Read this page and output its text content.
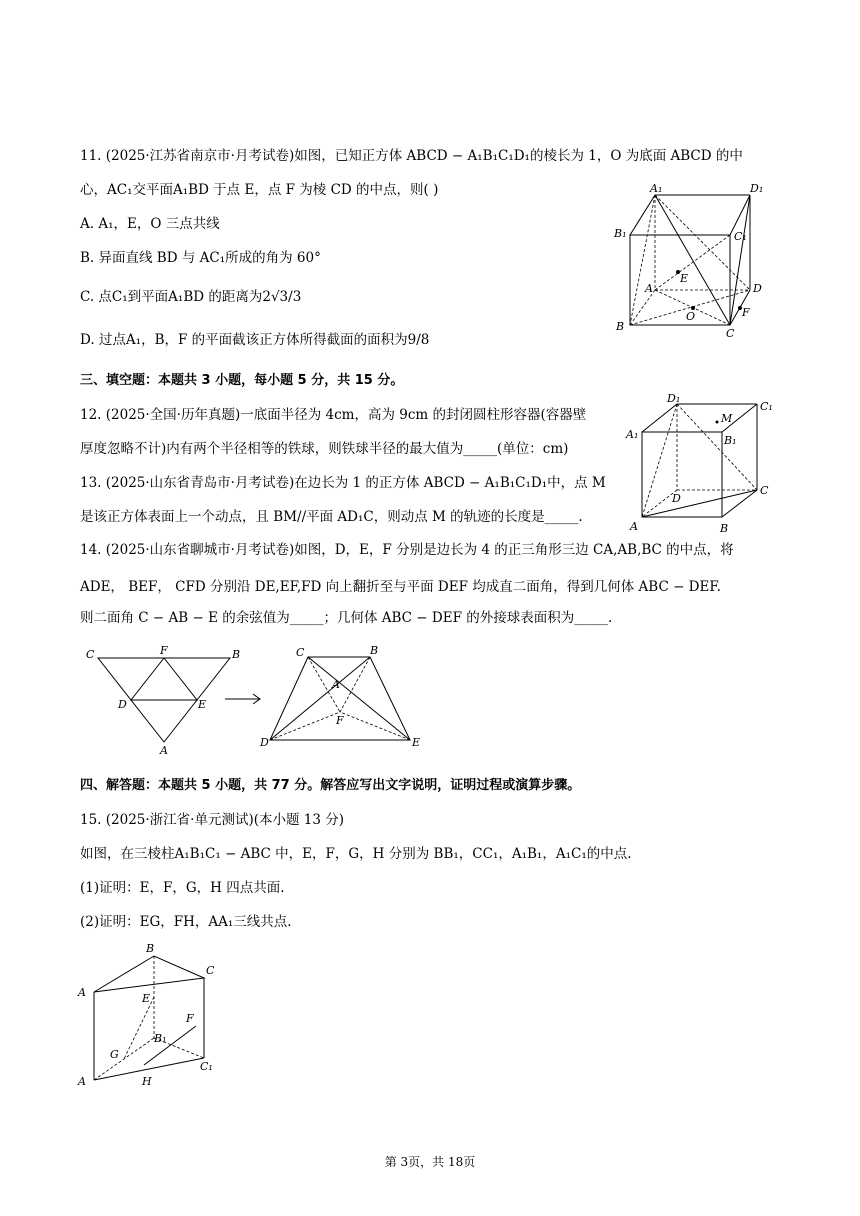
11. (2025·江苏省南京市·月考试卷)如图，已知正方体 ABCD − A₁B₁C₁D₁的棱长为 1，O 为底面 ABCD 的中
心，AC₁交平面A₁BD 于点 E，点 F 为棱 CD 的中点，则( )
A. A₁，E，O 三点共线
B. 异面直线 BD 与 AC₁所成的角为 60°
C. 点C₁到平面A₁BD 的距离为2√3/3
D. 过点A₁，B，F 的平面截该正方体所得截面的面积为9/8
A₁	D₁
B₁	C₁
A
E
D
B
O	F
C
三、填空题：本题共 3 小题，每小题 5 分，共 15 分。
12. (2025·全国·历年真题)一底面半径为 4cm，高为 9cm 的封闭圆柱形容器(容器壁
厚度忽略不计)内有两个半径相等的铁球，则铁球半径的最大值为_____(单位：cm)
13. (2025·山东省青岛市·月考试卷)在边长为 1 的正方体 ABCD − A₁B₁C₁D₁中，点 M
是该正方体表面上一个动点，且 BM//平面 AD₁C，则动点 M 的轨迹的长度是_____.
D₁
C₁
M
A₁	B₁
D
C
A	B
14. (2025·山东省聊城市·月考试卷)如图，D，E，F 分别是边长为 4 的正三角形三边 CA,AB,BC 的中点，将
ADE， BEF， CFD 分别沿 DE,EF,FD 向上翻折至与平面 DEF 均成直二面角，得到几何体 ABC − DEF.
则二面角 C − AB − E 的余弦值为_____；几何体 ABC − DEF 的外接球表面积为_____.
C	F	B
D	E
A
C	B
A
F
D	E
四、解答题：本题共 5 小题，共 77 分。解答应写出文字说明，证明过程或演算步骤。
15. (2025·浙江省·单元测试)(本小题 13 分)
如图，在三棱柱A₁B₁C₁ − ABC 中，E，F，G，H 分别为 BB₁，CC₁，A₁B₁，A₁C₁的中点.
(1)证明：E，F，G，H 四点共面.
(2)证明：EG，FH，AA₁三线共点.
B
C
A	E
F
B₁
G
C₁
A	H
第 3页，共 18页
